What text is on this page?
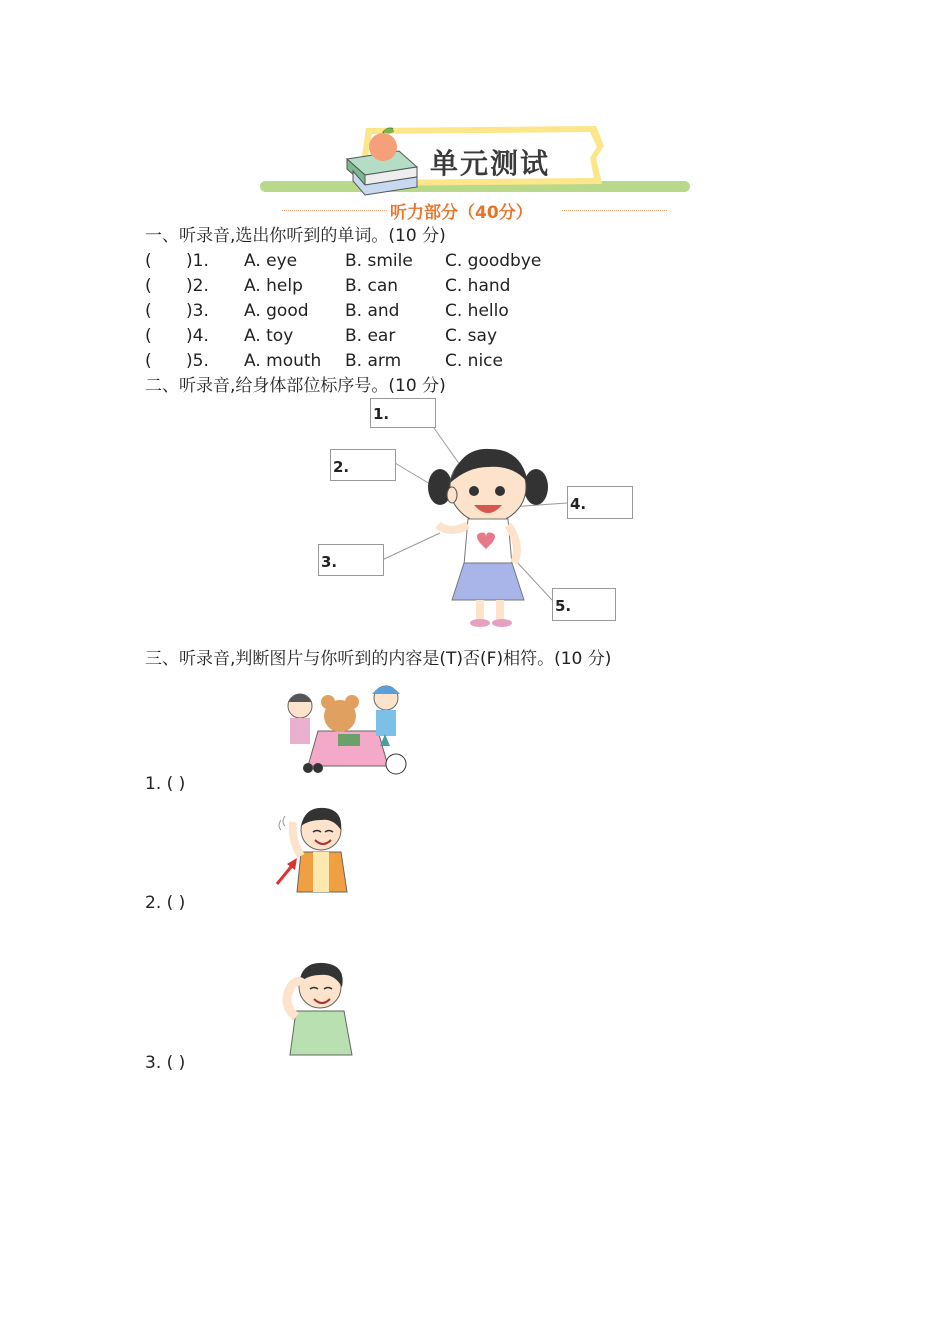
单元测试
听力部分（40分）
一、听录音,选出你听到的单词。(10 分)
( )1. A. eye	B. smile C. goodbye
( )2. A. help B. can	C. hand
( )3. A. good B. and	C. hello
( )4. A. toy	B. ear	C. say
( )5. A. mouth B. arm	C. nice
二、听录音,给身体部位标序号。(10 分)
1.
2.
3.
4.
5.
三、听录音,判断图片与你听到的内容是(T)否(F)相符。(10 分)
1. ( )
2. ( )
3. ( )
